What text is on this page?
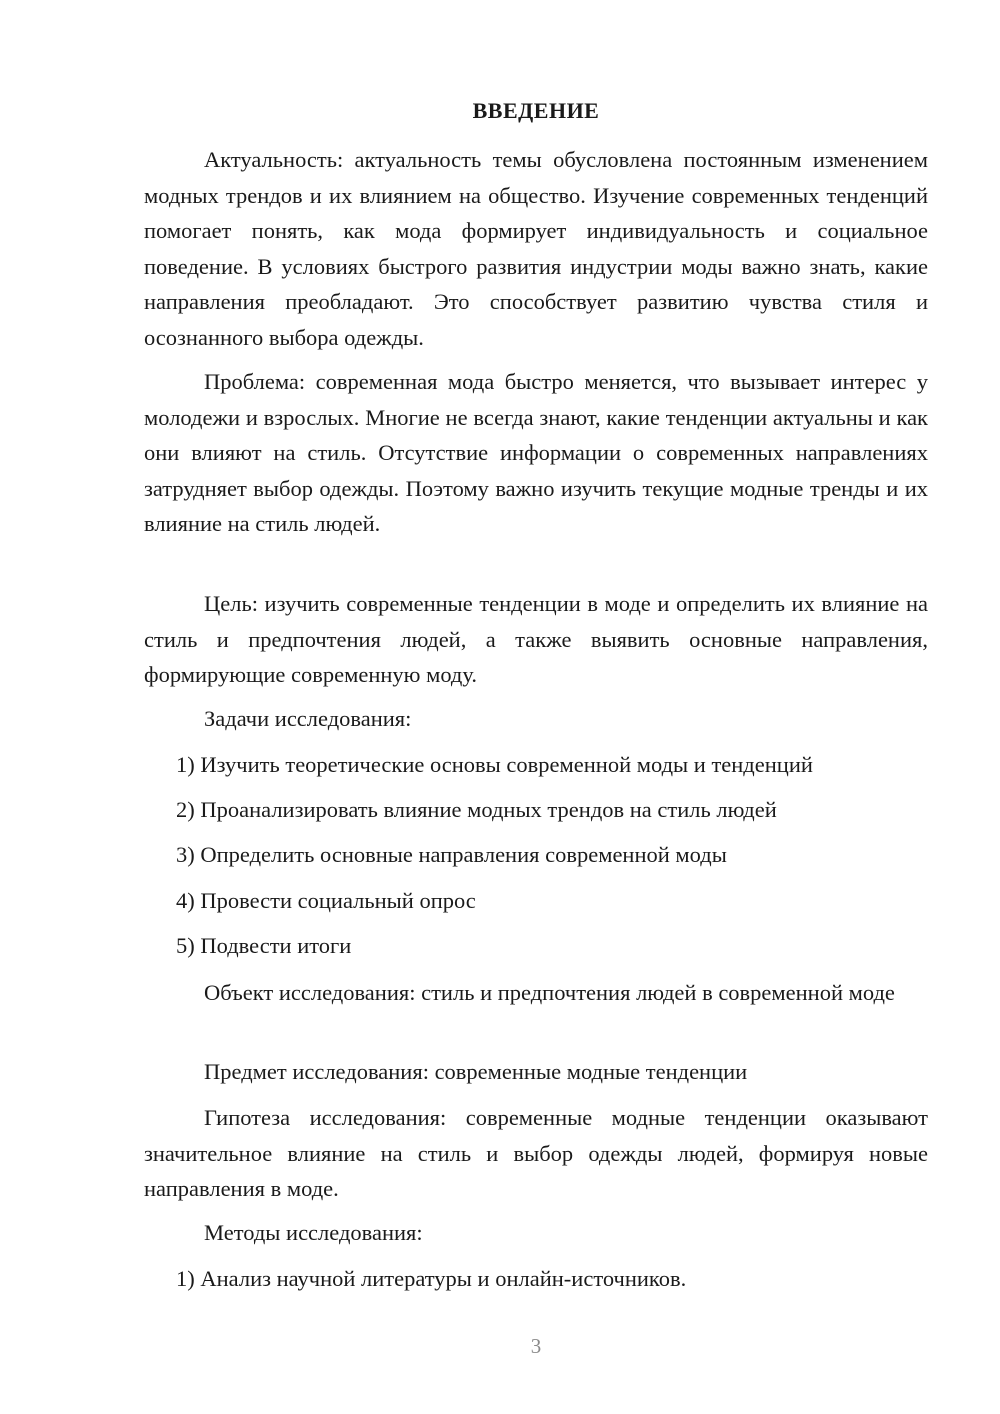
ВВЕДЕНИЕ

Актуальность: актуальность темы обусловлена постоянным изменением модных трендов и их влиянием на общество. Изучение современных тенденций помогает понять, как мода формирует индивидуальность и социальное поведение. В условиях быстрого развития индустрии моды важно знать, какие направления преобладают. Это способствует развитию чувства стиля и осознанного выбора одежды.

Проблема: современная мода быстро меняется, что вызывает интерес у молодежи и взрослых. Многие не всегда знают, какие тенденции актуальны и как они влияют на стиль. Отсутствие информации о современных направлениях затрудняет выбор одежды. Поэтому важно изучить текущие модные тренды и их влияние на стиль людей.

Цель: изучить современные тенденции в моде и определить их влияние на стиль и предпочтения людей, а также выявить основные направления, формирующие современную моду.

Задачи исследования:
1) Изучить теоретические основы современной моды и тенденций
2) Проанализировать влияние модных трендов на стиль людей
3) Определить основные направления современной моды
4) Провести социальный опрос
5) Подвести итоги

Объект исследования: стиль и предпочтения людей в современной моде

Предмет исследования: современные модные тенденции

Гипотеза исследования: современные модные тенденции оказывают значительное влияние на стиль и выбор одежды людей, формируя новые направления в моде.

Методы исследования:
1) Анализ научной литературы и онлайн-источников.
3
